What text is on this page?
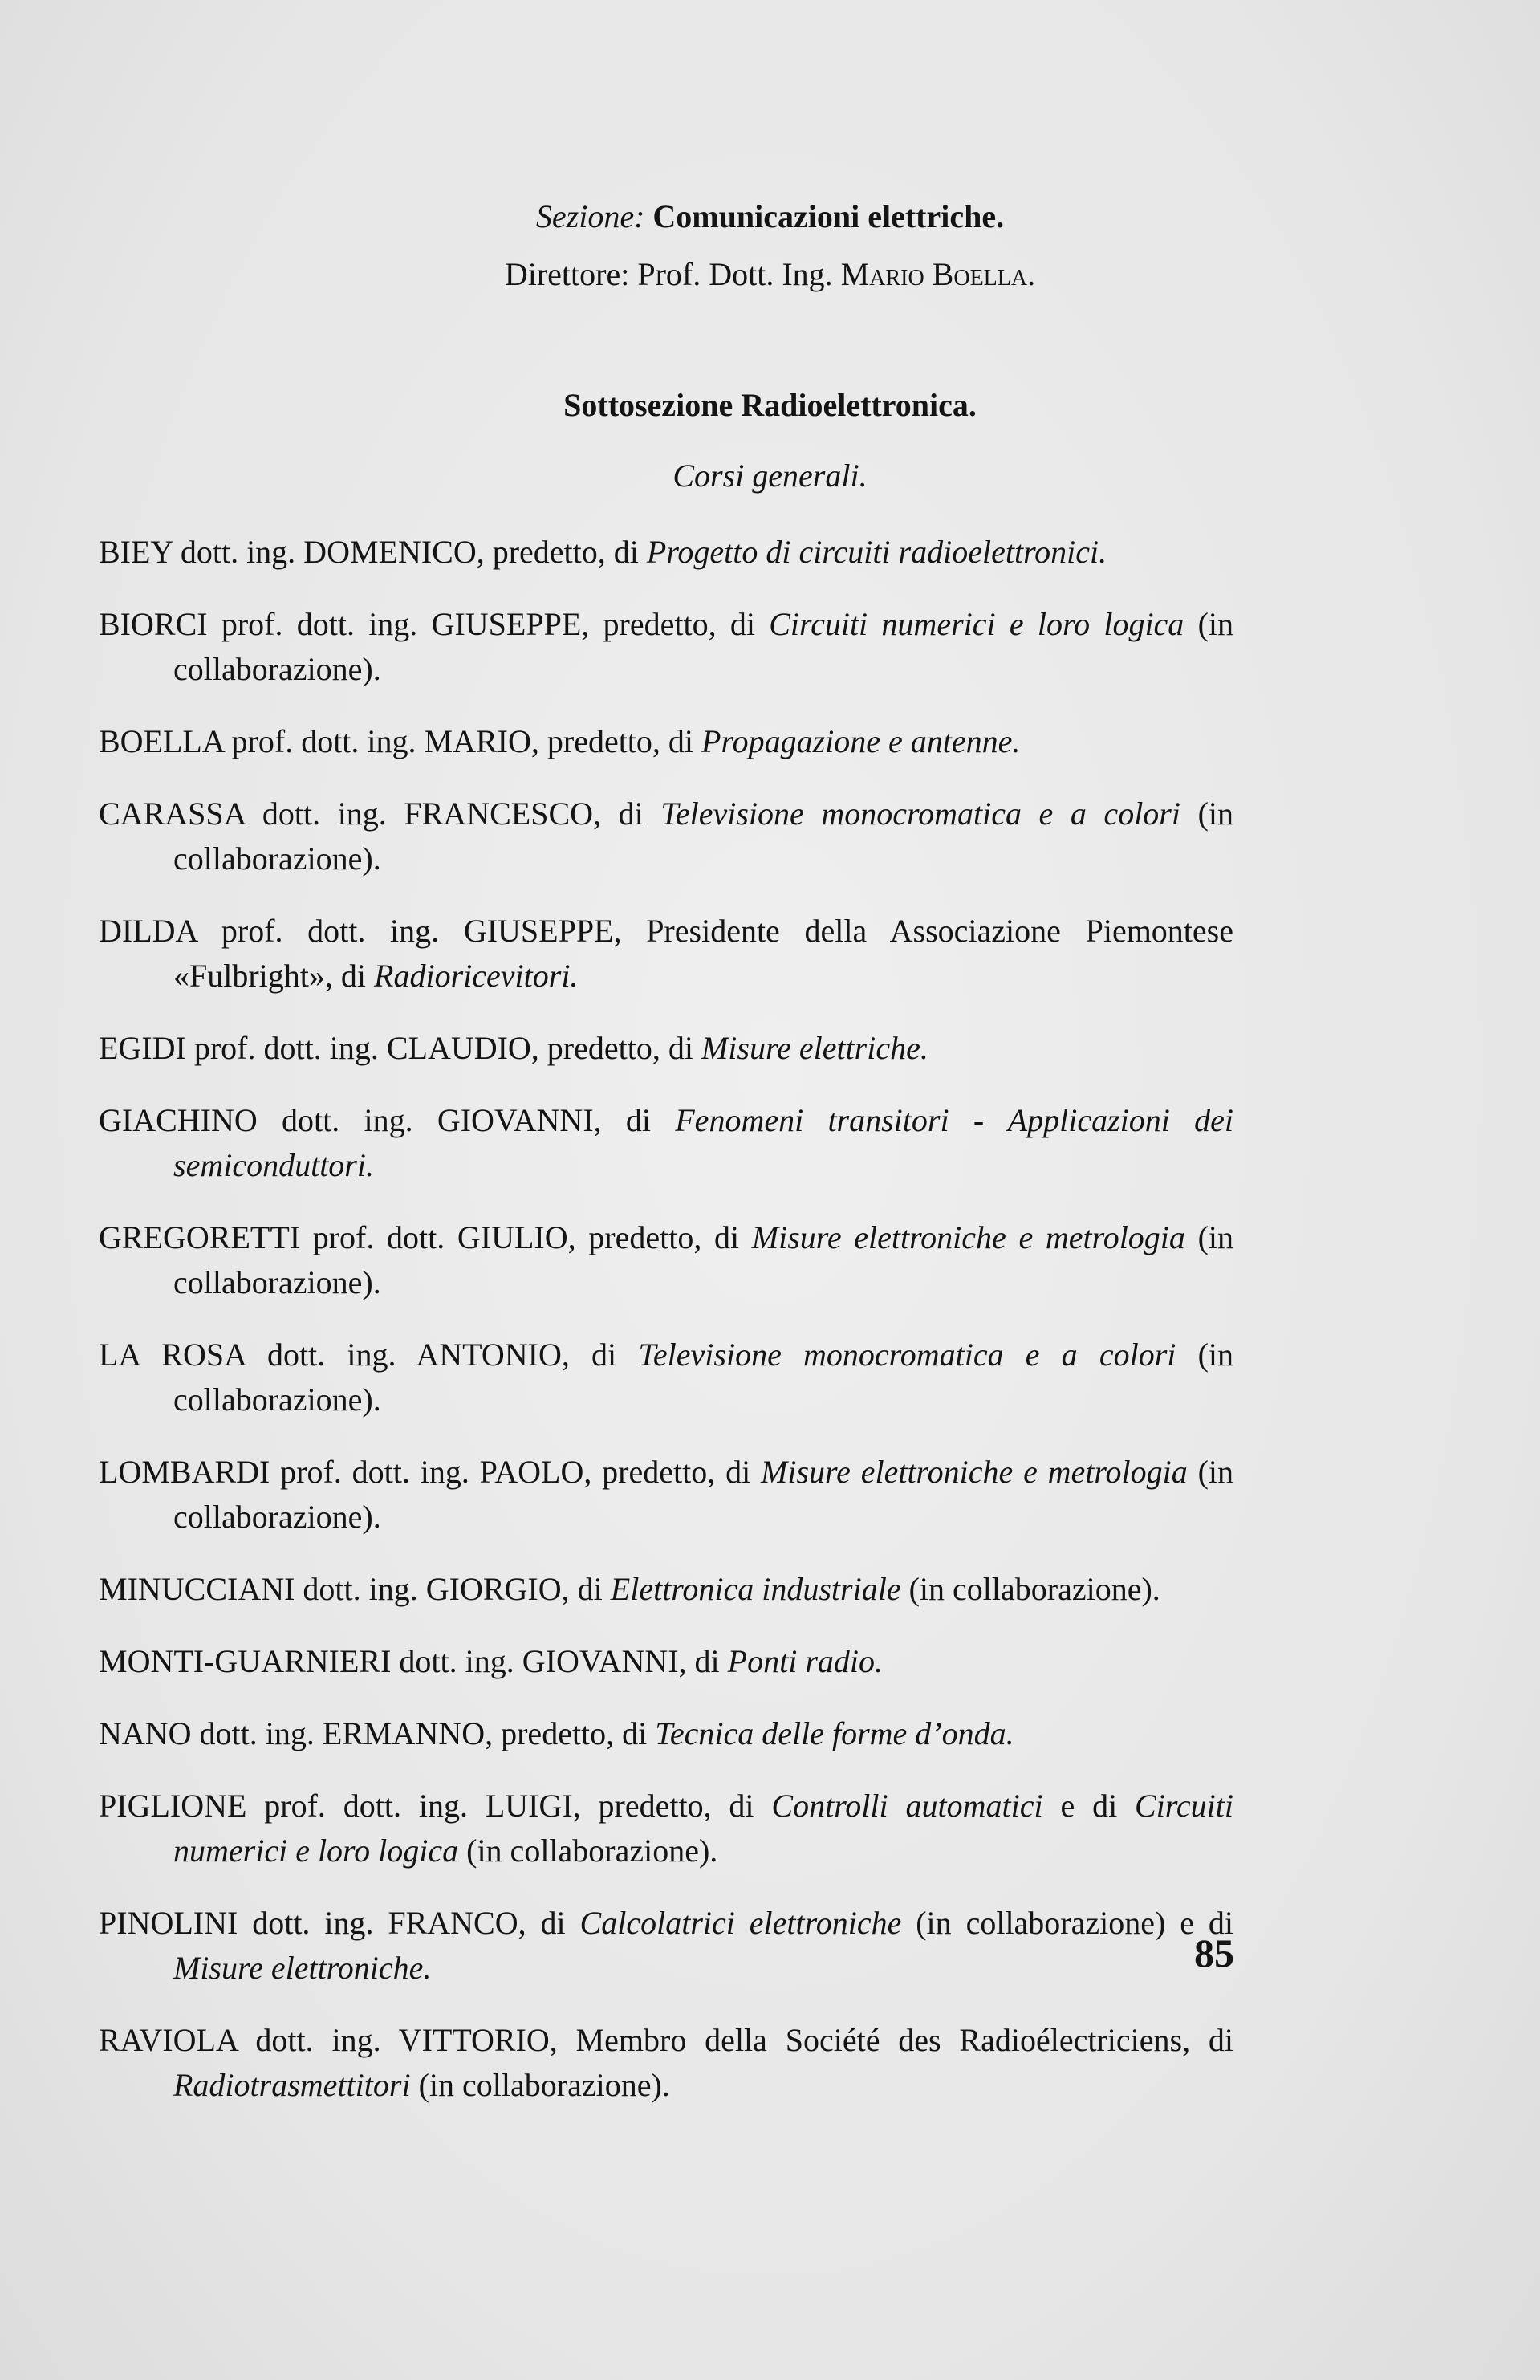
Sezione: Comunicazioni elettriche.
Direttore: Prof. Dott. Ing. Mario Boella.
Sottosezione Radioelettronica.
Corsi generali.

BIEY dott. ing. DOMENICO, predetto, di Progetto di circuiti radioelettronici.

BIORCI prof. dott. ing. GIUSEPPE, predetto, di Circuiti numerici e loro logica (in collaborazione).

BOELLA prof. dott. ing. MARIO, predetto, di Propagazione e antenne.

CARASSA dott. ing. FRANCESCO, di Televisione monocromatica e a colori (in collaborazione).

DILDA prof. dott. ing. GIUSEPPE, Presidente della Associazione Piemontese «Fulbright», di Radioricevitori.

EGIDI prof. dott. ing. CLAUDIO, predetto, di Misure elettriche.

GIACHINO dott. ing. GIOVANNI, di Fenomeni transitori - Applicazioni dei semiconduttori.

GREGORETTI prof. dott. GIULIO, predetto, di Misure elettroniche e metrologia (in collaborazione).

LA ROSA dott. ing. ANTONIO, di Televisione monocromatica e a colori (in collaborazione).

LOMBARDI prof. dott. ing. PAOLO, predetto, di Misure elettroniche e metrologia (in collaborazione).

MINUCCIANI dott. ing. GIORGIO, di Elettronica industriale (in collaborazione).

MONTI-GUARNIERI dott. ing. GIOVANNI, di Ponti radio.

NANO dott. ing. ERMANNO, predetto, di Tecnica delle forme d’onda.

PIGLIONE prof. dott. ing. LUIGI, predetto, di Controlli automatici e di Circuiti numerici e loro logica (in collaborazione).

PINOLINI dott. ing. FRANCO, di Calcolatrici elettroniche (in collaborazione) e di Misure elettroniche.

RAVIOLA dott. ing. VITTORIO, Membro della Société des Radioélectriciens, di Radiotrasmettitori (in collaborazione).

85
